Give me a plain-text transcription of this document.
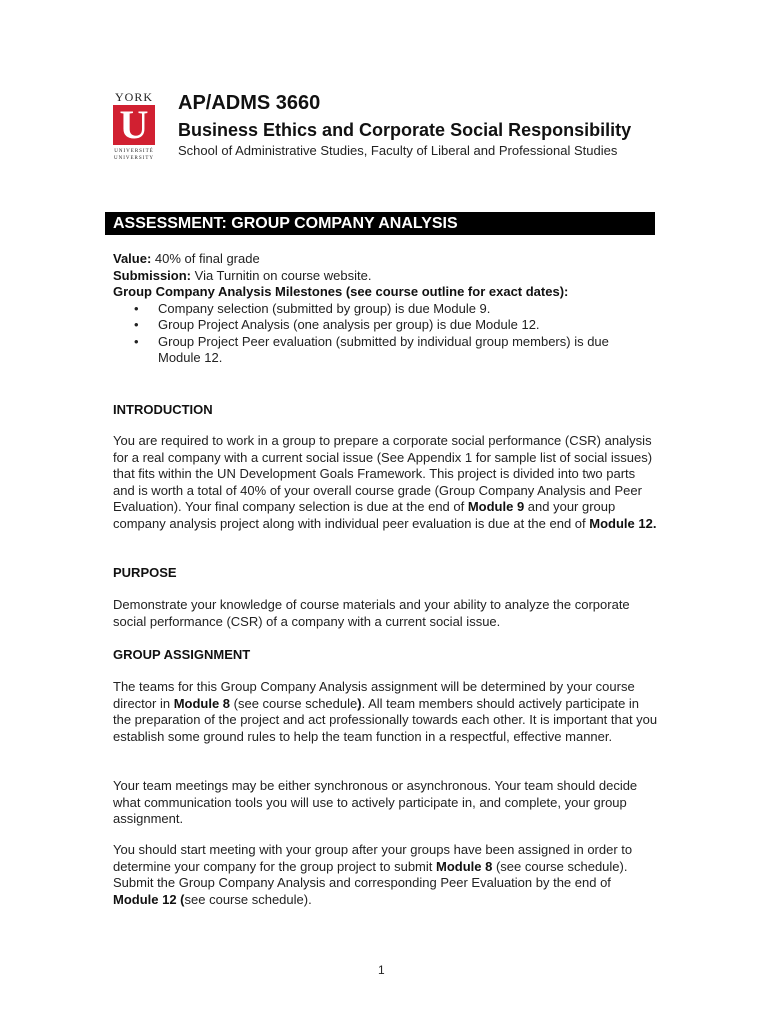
YORK
U
UNIVERSITÉ
UNIVERSITY
AP/ADMS 3660
Business Ethics and Corporate Social Responsibility
School of Administrative Studies, Faculty of Liberal and Professional Studies
ASSESSMENT: GROUP COMPANY ANALYSIS
Value: 40% of final grade
Submission: Via Turnitin on course website.
Group Company Analysis Milestones (see course outline for exact dates):
• Company selection (submitted by group) is due Module 9.
• Group Project Analysis (one analysis per group) is due Module 12.
• Group Project Peer evaluation (submitted by individual group members) is due Module 12.
INTRODUCTION

You are required to work in a group to prepare a corporate social performance (CSR) analysis for a real company with a current social issue (See Appendix 1 for sample list of social issues) that fits within the UN Development Goals Framework. This project is divided into two parts and is worth a total of 40% of your overall course grade (Group Company Analysis and Peer Evaluation). Your final company selection is due at the end of Module 9 and your group company analysis project along with individual peer evaluation is due at the end of Module 12.

PURPOSE

Demonstrate your knowledge of course materials and your ability to analyze the corporate social performance (CSR) of a company with a current social issue.

GROUP ASSIGNMENT

The teams for this Group Company Analysis assignment will be determined by your course director in Module 8 (see course schedule). All team members should actively participate in the preparation of the project and act professionally towards each other. It is important that you establish some ground rules to help the team function in a respectful, effective manner.

Your team meetings may be either synchronous or asynchronous. Your team should decide what communication tools you will use to actively participate in, and complete, your group assignment.

You should start meeting with your group after your groups have been assigned in order to determine your company for the group project to submit Module 8 (see course schedule). Submit the Group Company Analysis and corresponding Peer Evaluation by the end of Module 12 (see course schedule).

1
